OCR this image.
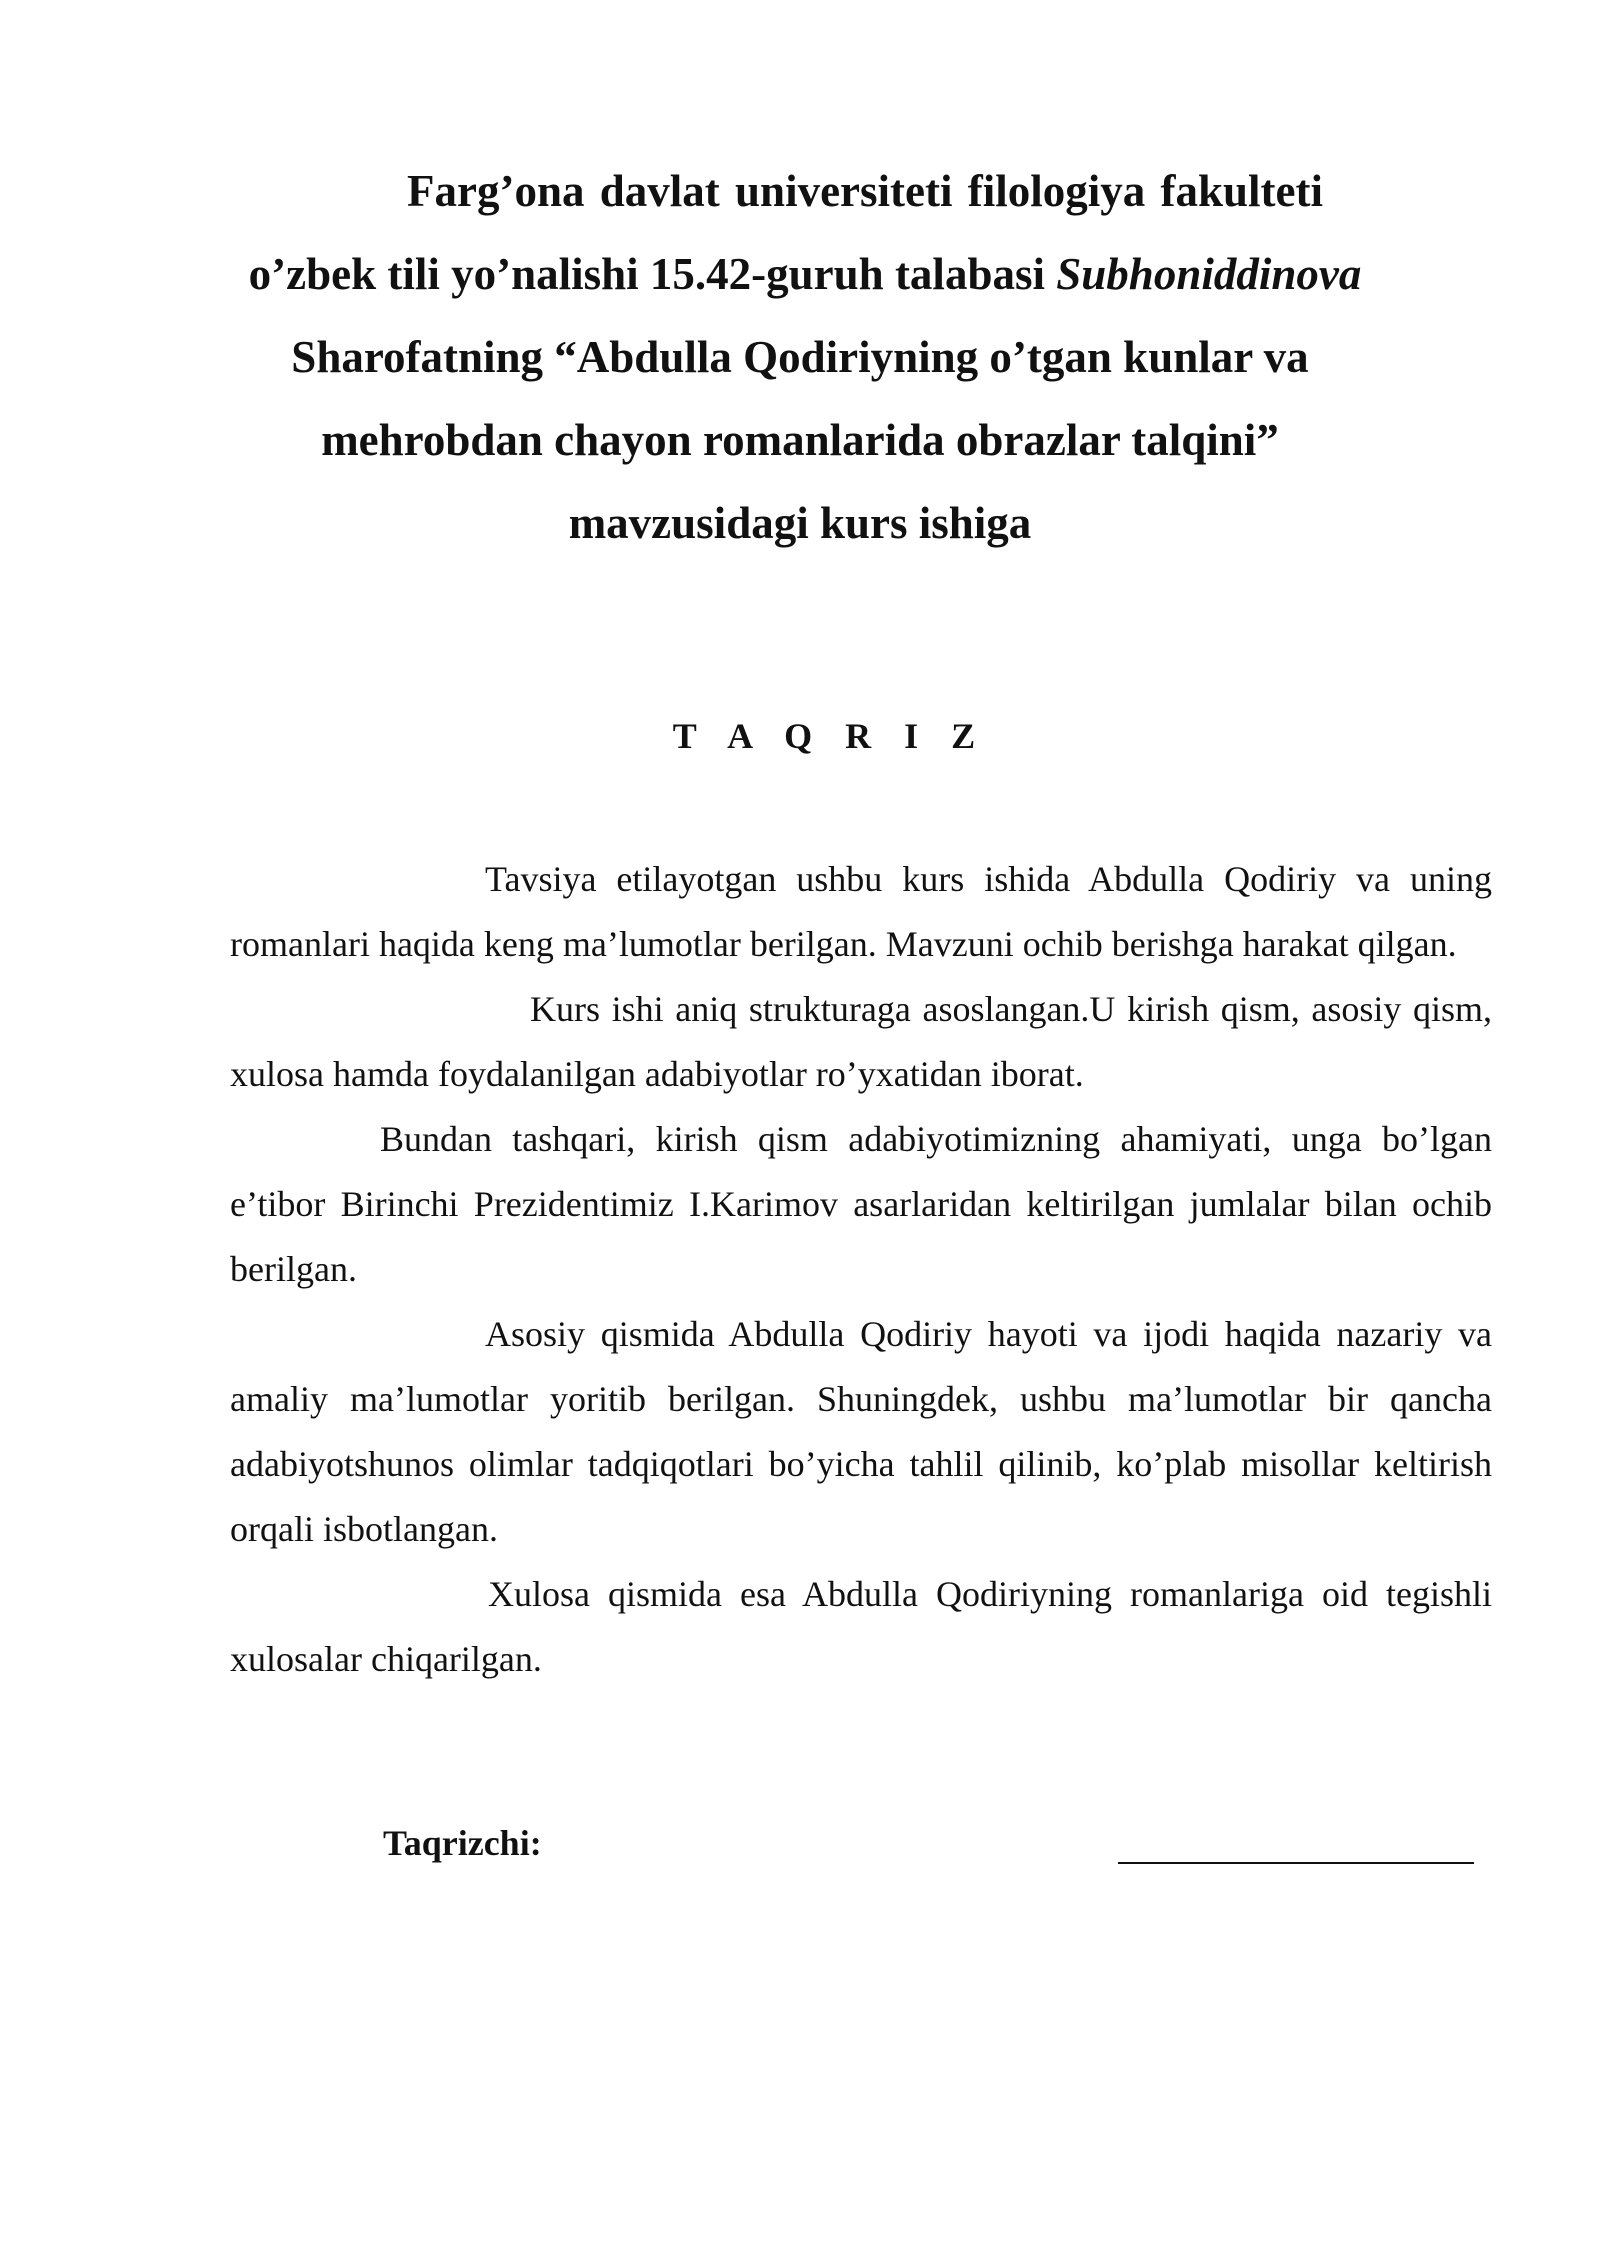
Farg’ona davlat universiteti filologiya fakulteti
o’zbek tili yo’nalishi 15.42-guruh talabasi Subhoniddinova
Sharofatning “Abdulla Qodiriyning o’tgan kunlar va
mehrobdan chayon romanlarida obrazlar talqini”
mavzusidagi kurs ishiga
T A Q R I Z

Tavsiya etilayotgan ushbu kurs ishida Abdulla Qodiriy va uning romanlari haqida keng ma’lumotlar berilgan. Mavzuni ochib berishga harakat qilgan.

Kurs ishi aniq strukturaga asoslangan.U kirish qism, asosiy qism, xulosa hamda foydalanilgan adabiyotlar ro’yxatidan iborat.

Bundan tashqari, kirish qism adabiyotimizning ahamiyati, unga bo’lgan e’tibor Birinchi Prezidentimiz I.Karimov asarlaridan keltirilgan jumlalar bilan ochib berilgan.

Asosiy qismida Abdulla Qodiriy hayoti va ijodi haqida nazariy va amaliy ma’lumotlar yoritib berilgan. Shuningdek, ushbu ma’lumotlar bir qancha adabiyotshunos olimlar tadqiqotlari bo’yicha tahlil qilinib, ko’plab misollar keltirish orqali isbotlangan.

Xulosa qismida esa Abdulla Qodiriyning romanlariga oid tegishli xulosalar chiqarilgan.

Taqrizchi:
